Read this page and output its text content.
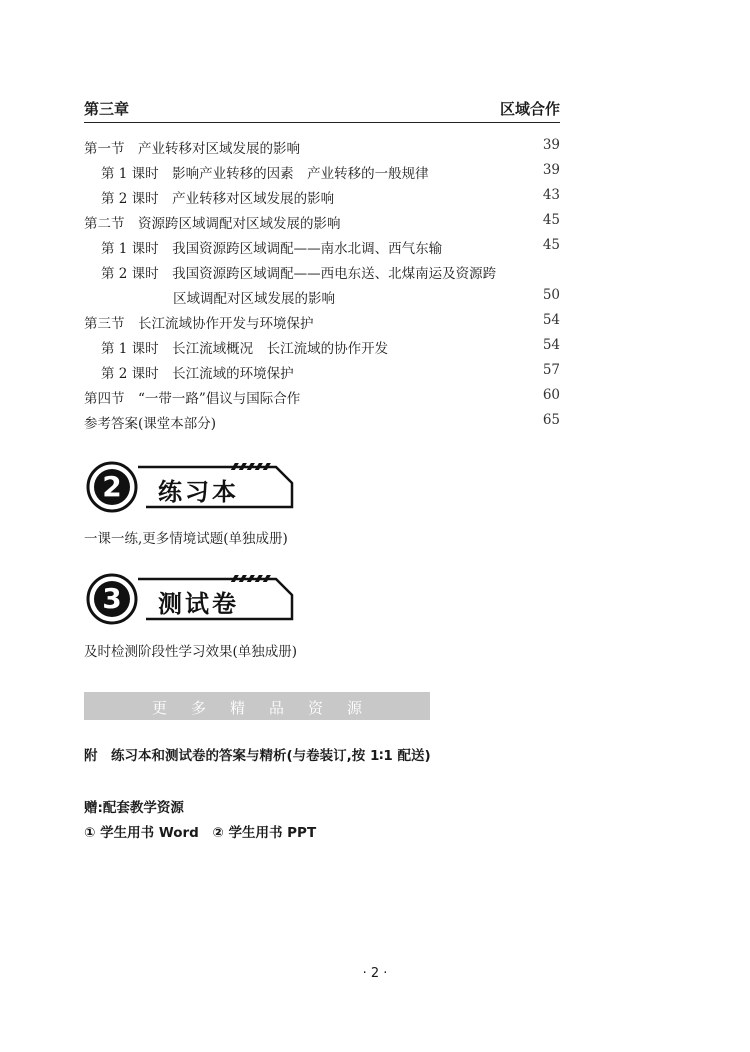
第三章	区域合作
第一节　产业转移对区域发展的影响	39
第 1 课时　影响产业转移的因素　产业转移的一般规律	39
第 2 课时　产业转移对区域发展的影响	43
第二节　资源跨区域调配对区域发展的影响	45
第 1 课时　我国资源跨区域调配——南水北调、西气东输	45
第 2 课时　我国资源跨区域调配——西电东送、北煤南运及资源跨
区域调配对区域发展的影响	50
第三节　长江流域协作开发与环境保护	54
第 1 课时　长江流域概况　长江流域的协作开发	54
第 2 课时　长江流域的环境保护	57
第四节　“一带一路”倡议与国际合作	60
参考答案(课堂本部分)	65
2 练习本
一课一练,更多情境试题(单独成册)
3 测试卷
及时检测阶段性学习效果(单独成册)
更多精品资源
附　练习本和测试卷的答案与精析(与卷装订,按 1∶1 配送)
赠:配套教学资源
① 学生用书 Word　② 学生用书 PPT
· 2 ·
